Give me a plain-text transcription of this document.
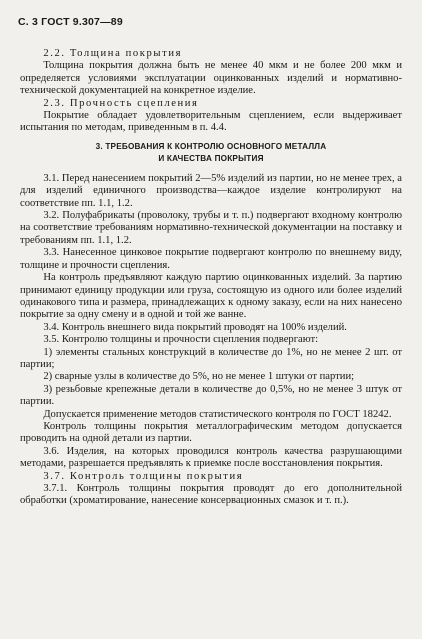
С. 3 ГОСТ 9.307—89

2.2. Толщина покрытия

Толщина покрытия должна быть не менее 40 мкм и не более 200 мкм и определяется условиями эксплуатации оцинкованных изделий и нормативно-технической документацией на конкретное изделие.

2.3. Прочность сцепления

Покрытие обладает удовлетворительным сцеплением, если выдерживает испытания по методам, приведенным в п. 4.4.

3. ТРЕБОВАНИЯ К КОНТРОЛЮ ОСНОВНОГО МЕТАЛЛА
И КАЧЕСТВА ПОКРЫТИЯ

3.1. Перед нанесением покрытий 2—5% изделий из партии, но не менее трех, а для изделий единичного производства—каждое изделие контролируют на соответствие пп. 1.1, 1.2.

3.2. Полуфабрикаты (проволоку, трубы и т. п.) подвергают входному контролю на соответствие требованиям нормативно-технической документации на поставку и требованиям пп. 1.1, 1.2.

3.3. Нанесенное цинковое покрытие подвергают контролю по внешнему виду, толщине и прочности сцепления.

На контроль предъявляют каждую партию оцинкованных изделий. За партию принимают единицу продукции или груза, состоящую из одного или более изделий одинакового типа и размера, принадлежащих к одному заказу, если на них нанесено покрытие за одну смену и в одной и той же ванне.

3.4. Контроль внешнего вида покрытий проводят на 100% изделий.

3.5. Контролю толщины и прочности сцепления подвергают:

1) элементы стальных конструкций в количестве до 1%, но не менее 2 шт. от партии;

2) сварные узлы в количестве до 5%, но не менее 1 штуки от партии;

3) резьбовые крепежные детали в количестве до 0,5%, но не менее 3 штук от партии.

Допускается применение методов статистического контроля по ГОСТ 18242.

Контроль толщины покрытия металлографическим методом допускается проводить на одной детали из партии.

3.6. Изделия, на которых проводился контроль качества разрушающими методами, разрешается предъявлять к приемке после восстановления покрытия.

3.7. Контроль толщины покрытия

3.7.1. Контроль толщины покрытия проводят до его дополнительной обработки (хроматирование, нанесение консервационных смазок и т. п.).
